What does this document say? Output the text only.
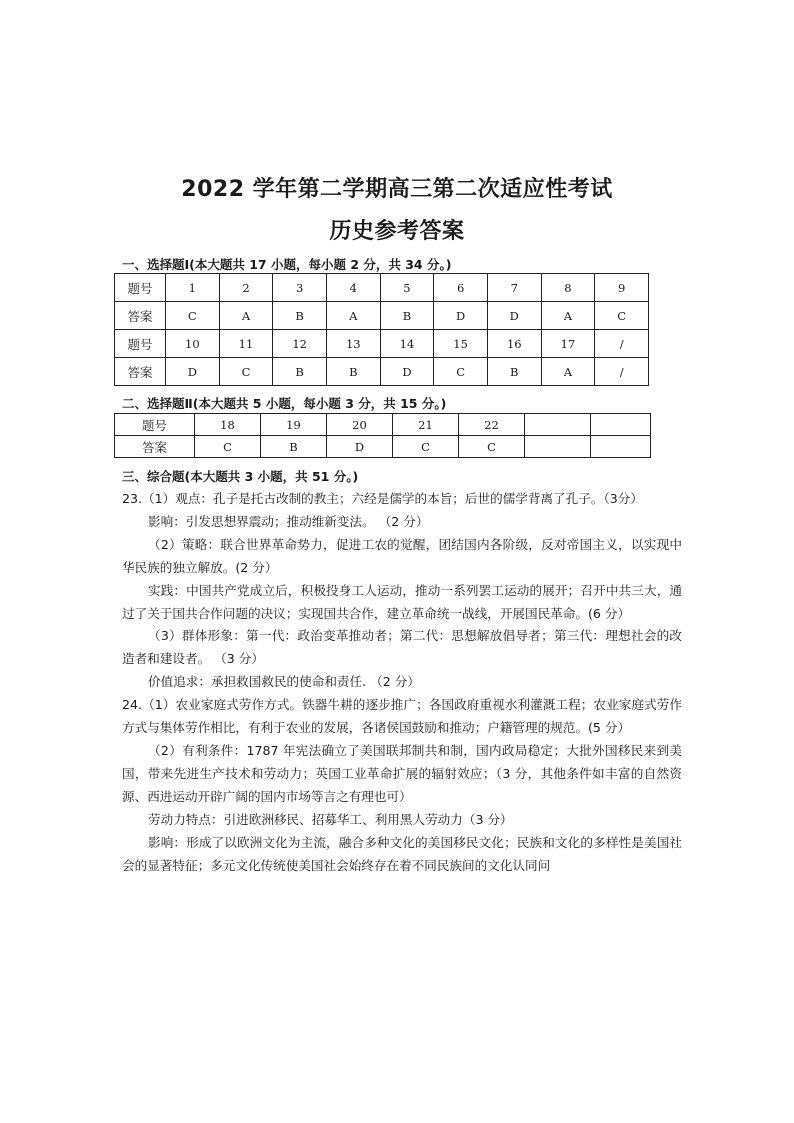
2022 学年第二学期高三第二次适应性考试
历史参考答案
一、选择题Ⅰ(本大题共 17 小题，每小题 2 分，共 34 分。)
题号	1	2	3	4	5	6	7	8	9
答案	C	A	B	A	B	D	D	A	C
题号	10	11	12	13	14	15	16	17	/
答案	D	C	B	B	D	C	B	A	/
二、选择题Ⅱ(本大题共 5 小题，每小题 3 分，共 15 分。)
题号	18	19	20	21	22		
答案	C	B	D	C	C		
三、综合题(本大题共 3 小题，共 51 分。)

23.（1）观点：孔子是托古改制的教主；六经是儒学的本旨；后世的儒学背离了孔子。（3分）

影响：引发思想界震动；推动维新变法。 （2 分）

（2）策略：联合世界革命势力，促进工农的觉醒，团结国内各阶级，反对帝国主义，以实现中华民族的独立解放。(2 分）

实践：中国共产党成立后，积极投身工人运动，推动一系列罢工运动的展开；召开中共三大，通过了关于国共合作问题的决议；实现国共合作，建立革命统一战线，开展国民革命。(6 分）

（3）群体形象：第一代：政治变革推动者；第二代：思想解放倡导者；第三代：理想社会的改造者和建设者。 （3 分）

价值追求：承担救国救民的使命和责任. （2 分）

24.（1）农业家庭式劳作方式。铁器牛耕的逐步推广；各国政府重视水利灌溉工程；农业家庭式劳作方式与集体劳作相比，有利于农业的发展，各诸侯国鼓励和推动；户籍管理的规范。(5 分）

（2）有利条件：1787 年宪法确立了美国联邦制共和制，国内政局稳定；大批外国移民来到美国，带来先进生产技术和劳动力；英国工业革命扩展的辐射效应；（3 分，其他条件如丰富的自然资源、西进运动开辟广阔的国内市场等言之有理也可）

劳动力特点：引进欧洲移民、招募华工、利用黑人劳动力（3 分）

影响：形成了以欧洲文化为主流，融合多种文化的美国移民文化；民族和文化的多样性是美国社会的显著特征；多元文化传统使美国社会始终存在着不同民族间的文化认同问
